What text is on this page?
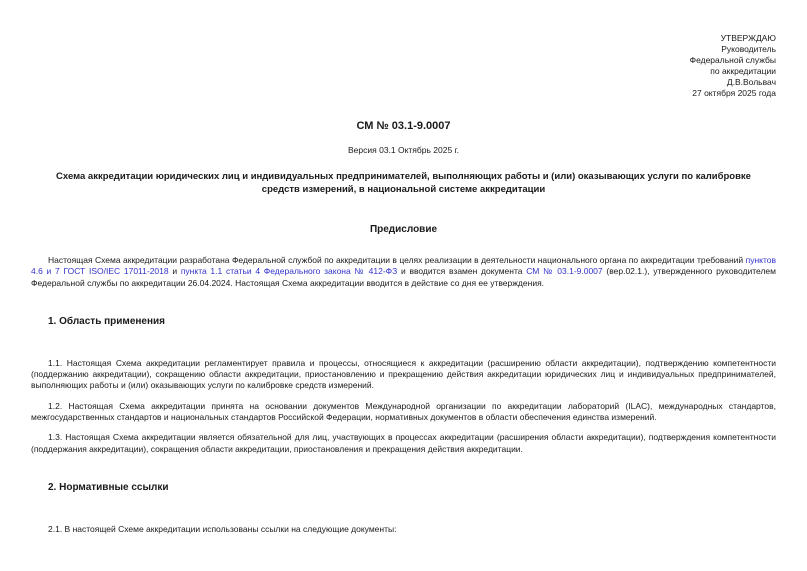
УТВЕРЖДАЮ
Руководитель
Федеральной службы
по аккредитации
Д.В.Вольвач
27 октября 2025 года
СМ № 03.1-9.0007
Версия 03.1 Октябрь 2025 г.
Схема аккредитации юридических лиц и индивидуальных предпринимателей, выполняющих работы и (или) оказывающих услуги по калибровке средств измерений, в национальной системе аккредитации
Предисловие

Настоящая Схема аккредитации разработана Федеральной службой по аккредитации в целях реализации в деятельности национального органа по аккредитации требований пунктов 4.6 и 7 ГОСТ ISO/IEC 17011-2018 и пункта 1.1 статьи 4 Федерального закона № 412-ФЗ и вводится взамен документа СМ № 03.1-9.0007 (вер.02.1.), утвержденного руководителем Федеральной службы по аккредитации 26.04.2024. Настоящая Схема аккредитации вводится в действие со дня ее утверждения.

1. Область применения

1.1. Настоящая Схема аккредитации регламентирует правила и процессы, относящиеся к аккредитации (расширению области аккредитации), подтверждению компетентности (поддержанию аккредитации), сокращению области аккредитации, приостановлению и прекращению действия аккредитации юридических лиц и индивидуальных предпринимателей, выполняющих работы и (или) оказывающих услуги по калибровке средств измерений.

1.2. Настоящая Схема аккредитации принята на основании документов Международной организации по аккредитации лабораторий (ILAC), международных стандартов, межгосударственных стандартов и национальных стандартов Российской Федерации, нормативных документов в области обеспечения единства измерений.

1.3. Настоящая Схема аккредитации является обязательной для лиц, участвующих в процессах аккредитации (расширения области аккредитации), подтверждения компетентности (поддержания аккредитации), сокращения области аккредитации, приостановления и прекращения действия аккредитации.

2. Нормативные ссылки

2.1. В настоящей Схеме аккредитации использованы ссылки на следующие документы:
